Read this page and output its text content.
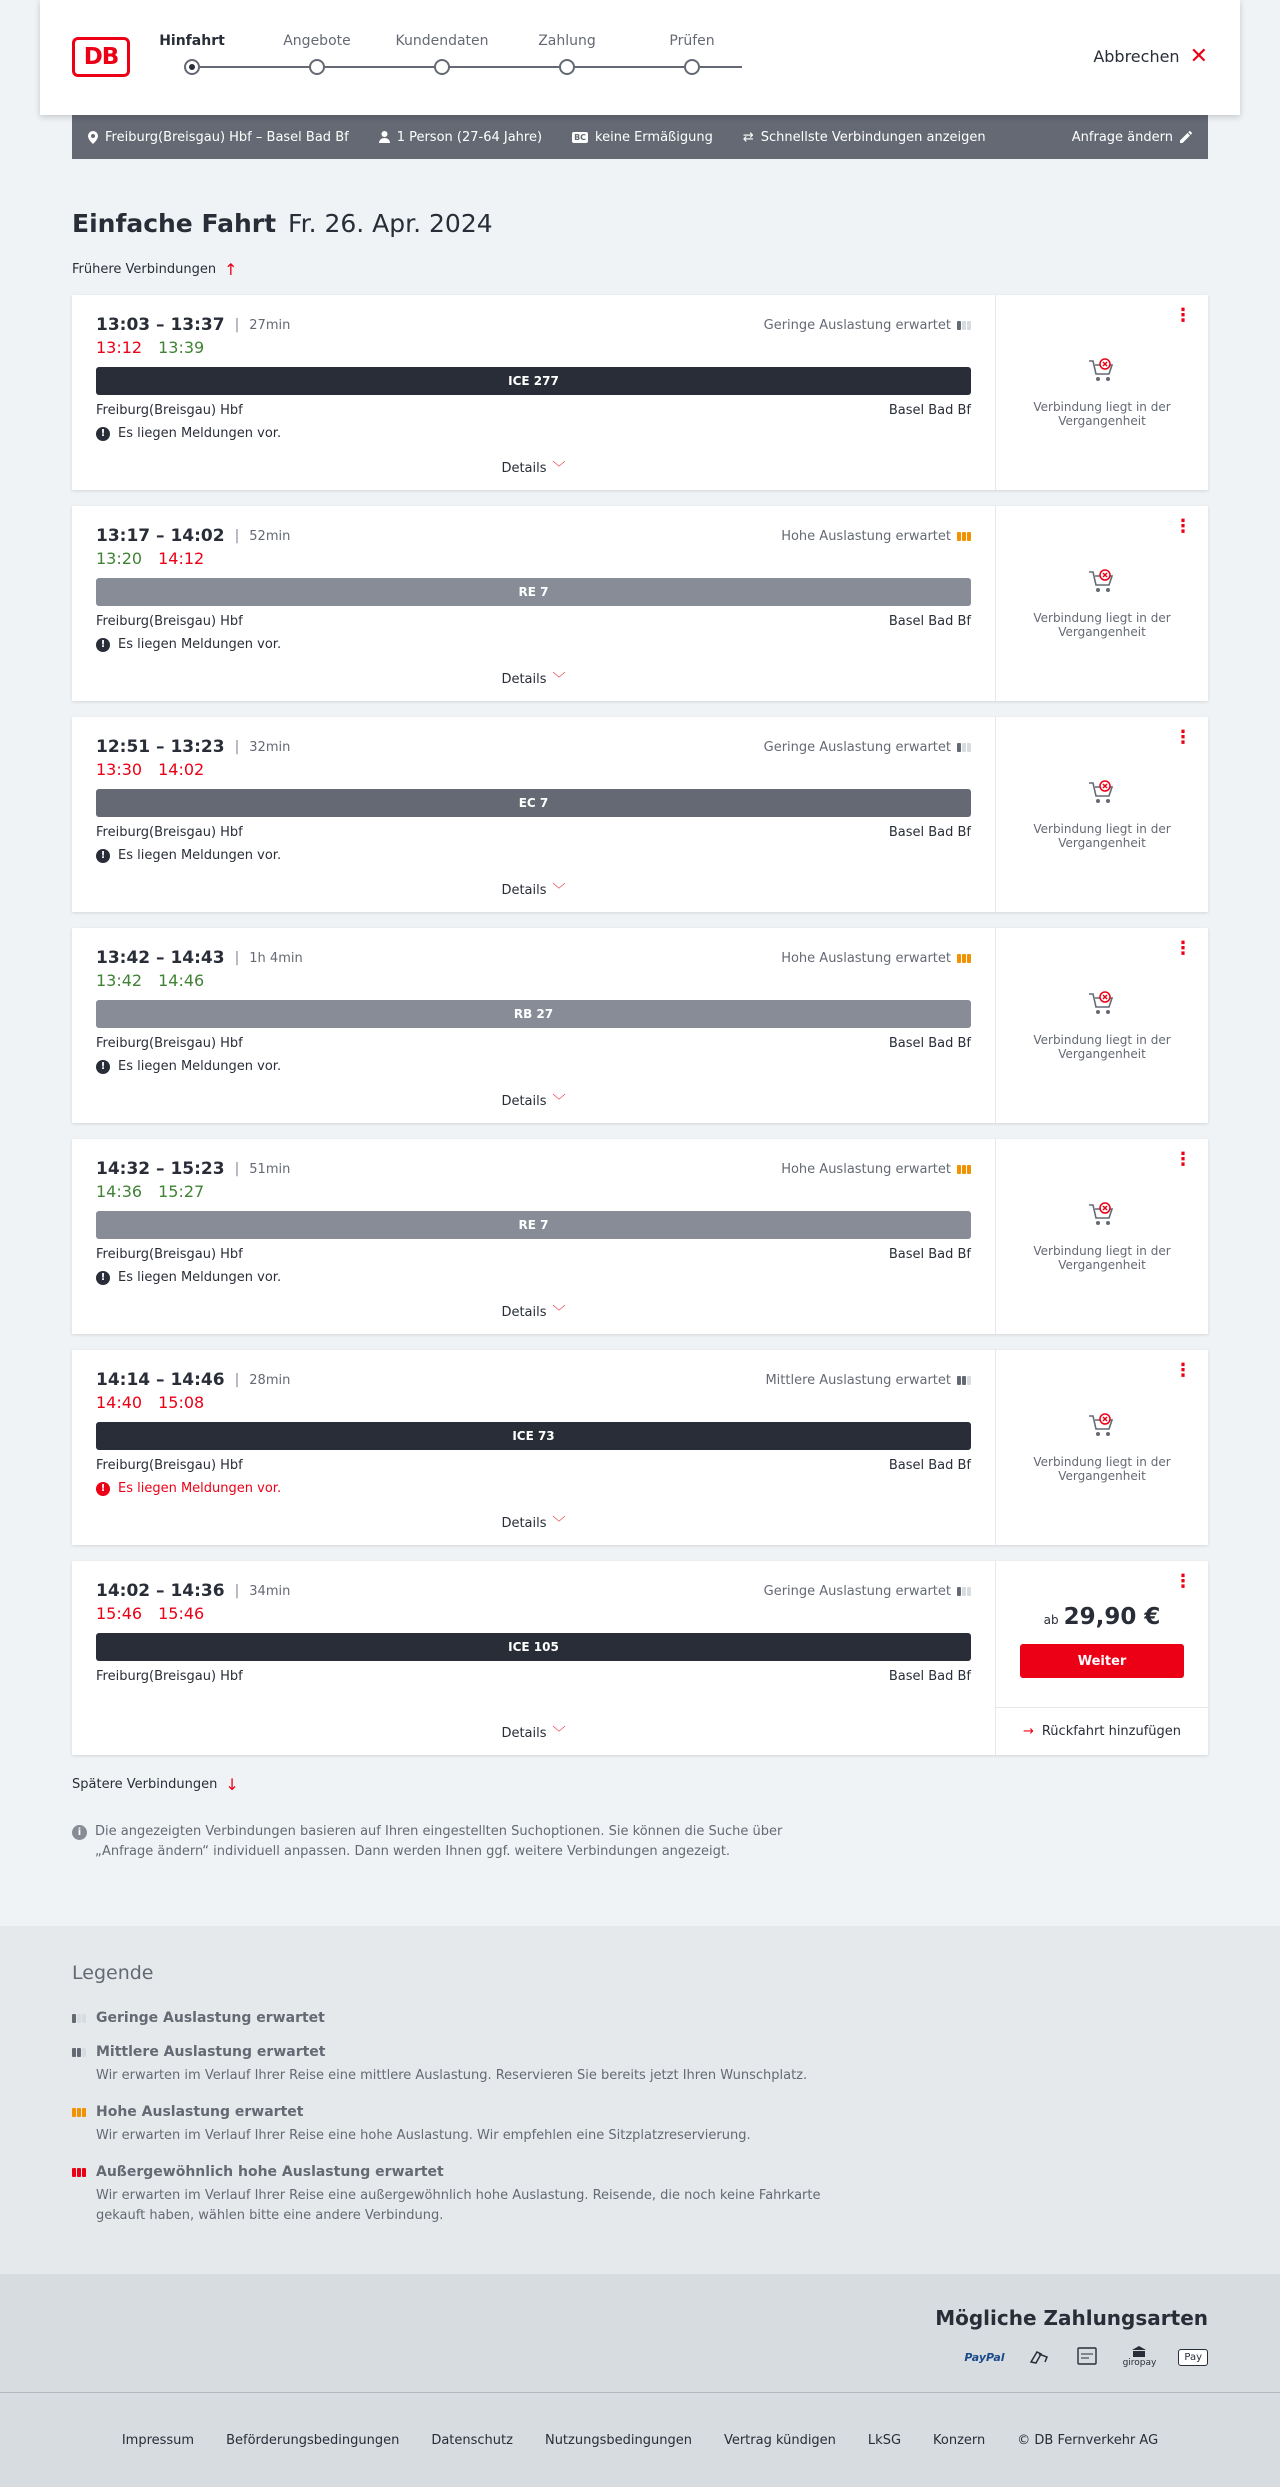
DB
Hinfahrt	Angebote	Kundendaten	Zahlung	Prüfen
Abbrechen ✕
Freiburg(Breisgau) Hbf – Basel Bad Bf	1 Person (27-64 Jahre)	BC keine Ermäßigung ⇄ Schnellste Verbindungen anzeigen	Anfrage ändern
Einfache Fahrt Fr. 26. Apr. 2024
Frühere Verbindungen ↑
13:03 – 13:37 | 27min	Geringe Auslastung erwartet
13:12 13:39
ICE 277
Freiburg(Breisgau) Hbf	Basel Bad Bf
! Es liegen Meldungen vor.
Details ﹀
⋮
Verbindung liegt in der Vergangenheit
13:17 – 14:02 | 52min	Hohe Auslastung erwartet
13:20 14:12
RE 7
Freiburg(Breisgau) Hbf	Basel Bad Bf
! Es liegen Meldungen vor.
Details ﹀
⋮
Verbindung liegt in der Vergangenheit
12:51 – 13:23 | 32min	Geringe Auslastung erwartet
13:30 14:02
EC 7
Freiburg(Breisgau) Hbf	Basel Bad Bf
! Es liegen Meldungen vor.
Details ﹀
⋮
Verbindung liegt in der Vergangenheit
13:42 – 14:43 | 1h 4min	Hohe Auslastung erwartet
13:42 14:46
RB 27
Freiburg(Breisgau) Hbf	Basel Bad Bf
! Es liegen Meldungen vor.
Details ﹀
⋮
Verbindung liegt in der Vergangenheit
14:32 – 15:23 | 51min	Hohe Auslastung erwartet
14:36 15:27
RE 7
Freiburg(Breisgau) Hbf	Basel Bad Bf
! Es liegen Meldungen vor.
Details ﹀
⋮
Verbindung liegt in der Vergangenheit
14:14 – 14:46 | 28min	Mittlere Auslastung erwartet
14:40 15:08
ICE 73
Freiburg(Breisgau) Hbf	Basel Bad Bf
! Es liegen Meldungen vor.
Details ﹀
⋮
Verbindung liegt in der Vergangenheit
14:02 – 14:36 | 34min	Geringe Auslastung erwartet
15:46 15:46
ICE 105
Freiburg(Breisgau) Hbf	Basel Bad Bf
Details ﹀
⋮
ab 29,90 €
Weiter
→ Rückfahrt hinzufügen
Spätere Verbindungen ↓
i	Die angezeigten Verbindungen basieren auf Ihren eingestellten Suchoptionen. Sie können die Suche über „Anfrage ändern“ individuell anpassen. Dann werden Ihnen ggf. weitere Verbindungen angezeigt.
Legende
Geringe Auslastung erwartet
Mittlere Auslastung erwartet
Wir erwarten im Verlauf Ihrer Reise eine mittlere Auslastung. Reservieren Sie bereits jetzt Ihren Wunschplatz.
Hohe Auslastung erwartet
Wir erwarten im Verlauf Ihrer Reise eine hohe Auslastung. Wir empfehlen eine Sitzplatzreservierung.
Außergewöhnlich hohe Auslastung erwartet
Wir erwarten im Verlauf Ihrer Reise eine außergewöhnlich hohe Auslastung. Reisende, die noch keine Fahrkarte gekauft haben, wählen bitte eine andere Verbindung.
Mögliche Zahlungsarten
PayPal	giropay
Pay
Impressum Beförderungsbedingungen Datenschutz Nutzungsbedingungen Vertrag kündigen LkSG Konzern © DB Fernverkehr AG
